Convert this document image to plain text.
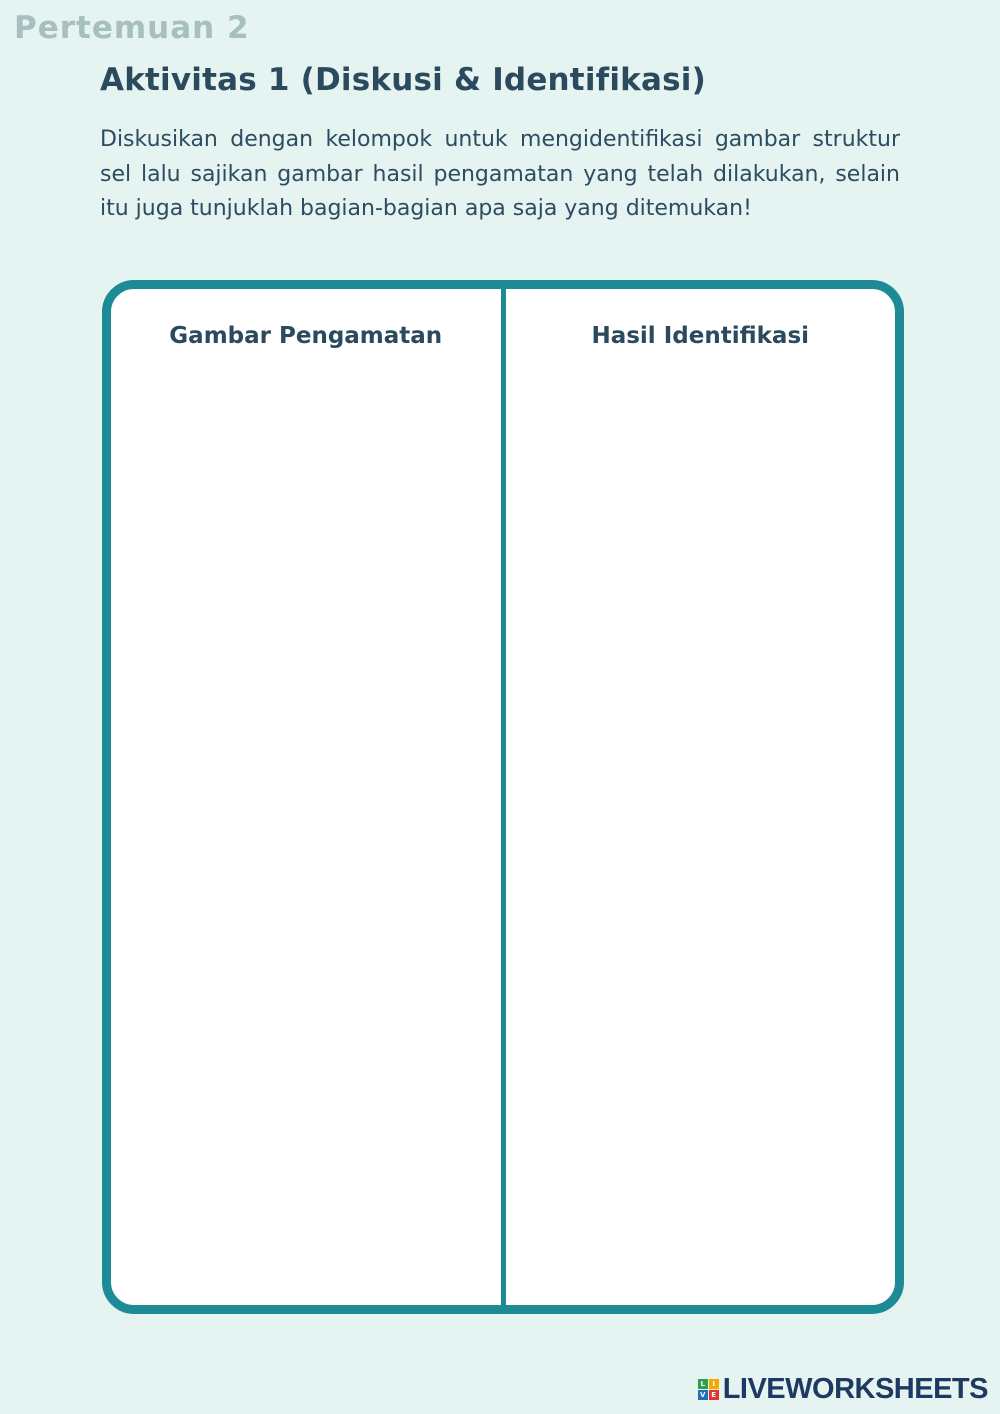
Pertemuan 2
Aktivitas 1 (Diskusi & Identifikasi)
Diskusikan dengan kelompok untuk mengidentifikasi gambar struktur sel lalu sajikan gambar hasil pengamatan yang telah dilakukan, selain itu juga tunjuklah bagian-bagian apa saja yang ditemukan!
Gambar Pengamatan	Hasil Identifikasi
L	I
V E LIVEWORKSHEETS
